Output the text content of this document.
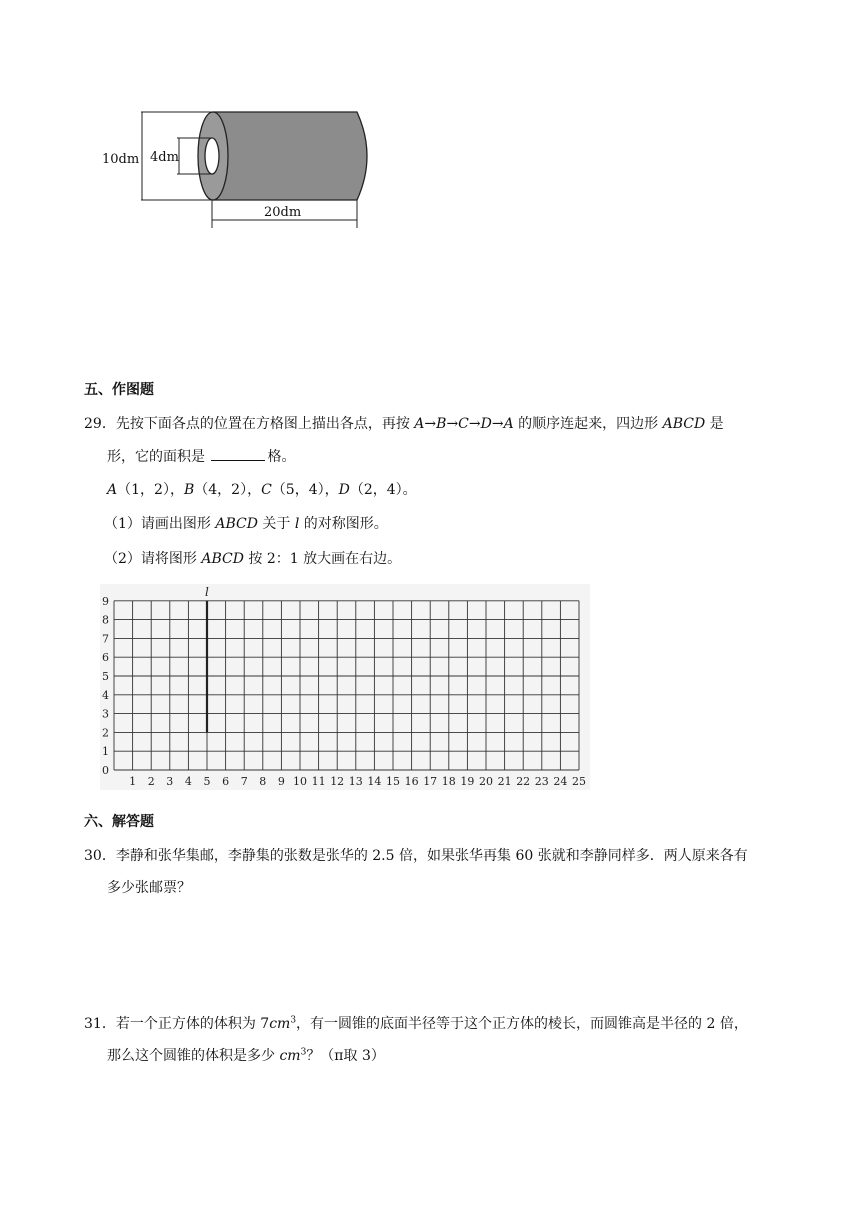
10dm 4dm
20dm
五、作图题
29．先按下面各点的位置在方格图上描出各点，再按 A→B→C→D→A 的顺序连起来，四边形 ABCD 是
形，它的面积是	格。
A（1，2），B（4，2），C（5，4），D（2，4）。
（1）请画出图形 ABCD 关于 l 的对称图形。
（2）请将图形 ABCD 按 2：1 放大画在右边。
1 2 3 4 5 6 7 8 9 10 11 12 13 14 15 16 17 18 19 20 21 22 23 24 25
0
1
2
3
4
5
6
7
8
9
l
六、解答题
30．李静和张华集邮，李静集的张数是张华的 2.5 倍，如果张华再集 60 张就和李静同样多．两人原来各有
多少张邮票？
31．若一个正方体的体积为 $7cm^3$，有一圆锥的底面半径等于这个正方体的棱长，而圆锥高是半径的 2 倍，
那么这个圆锥的体积是多少 $cm^3$？（π取 3）
